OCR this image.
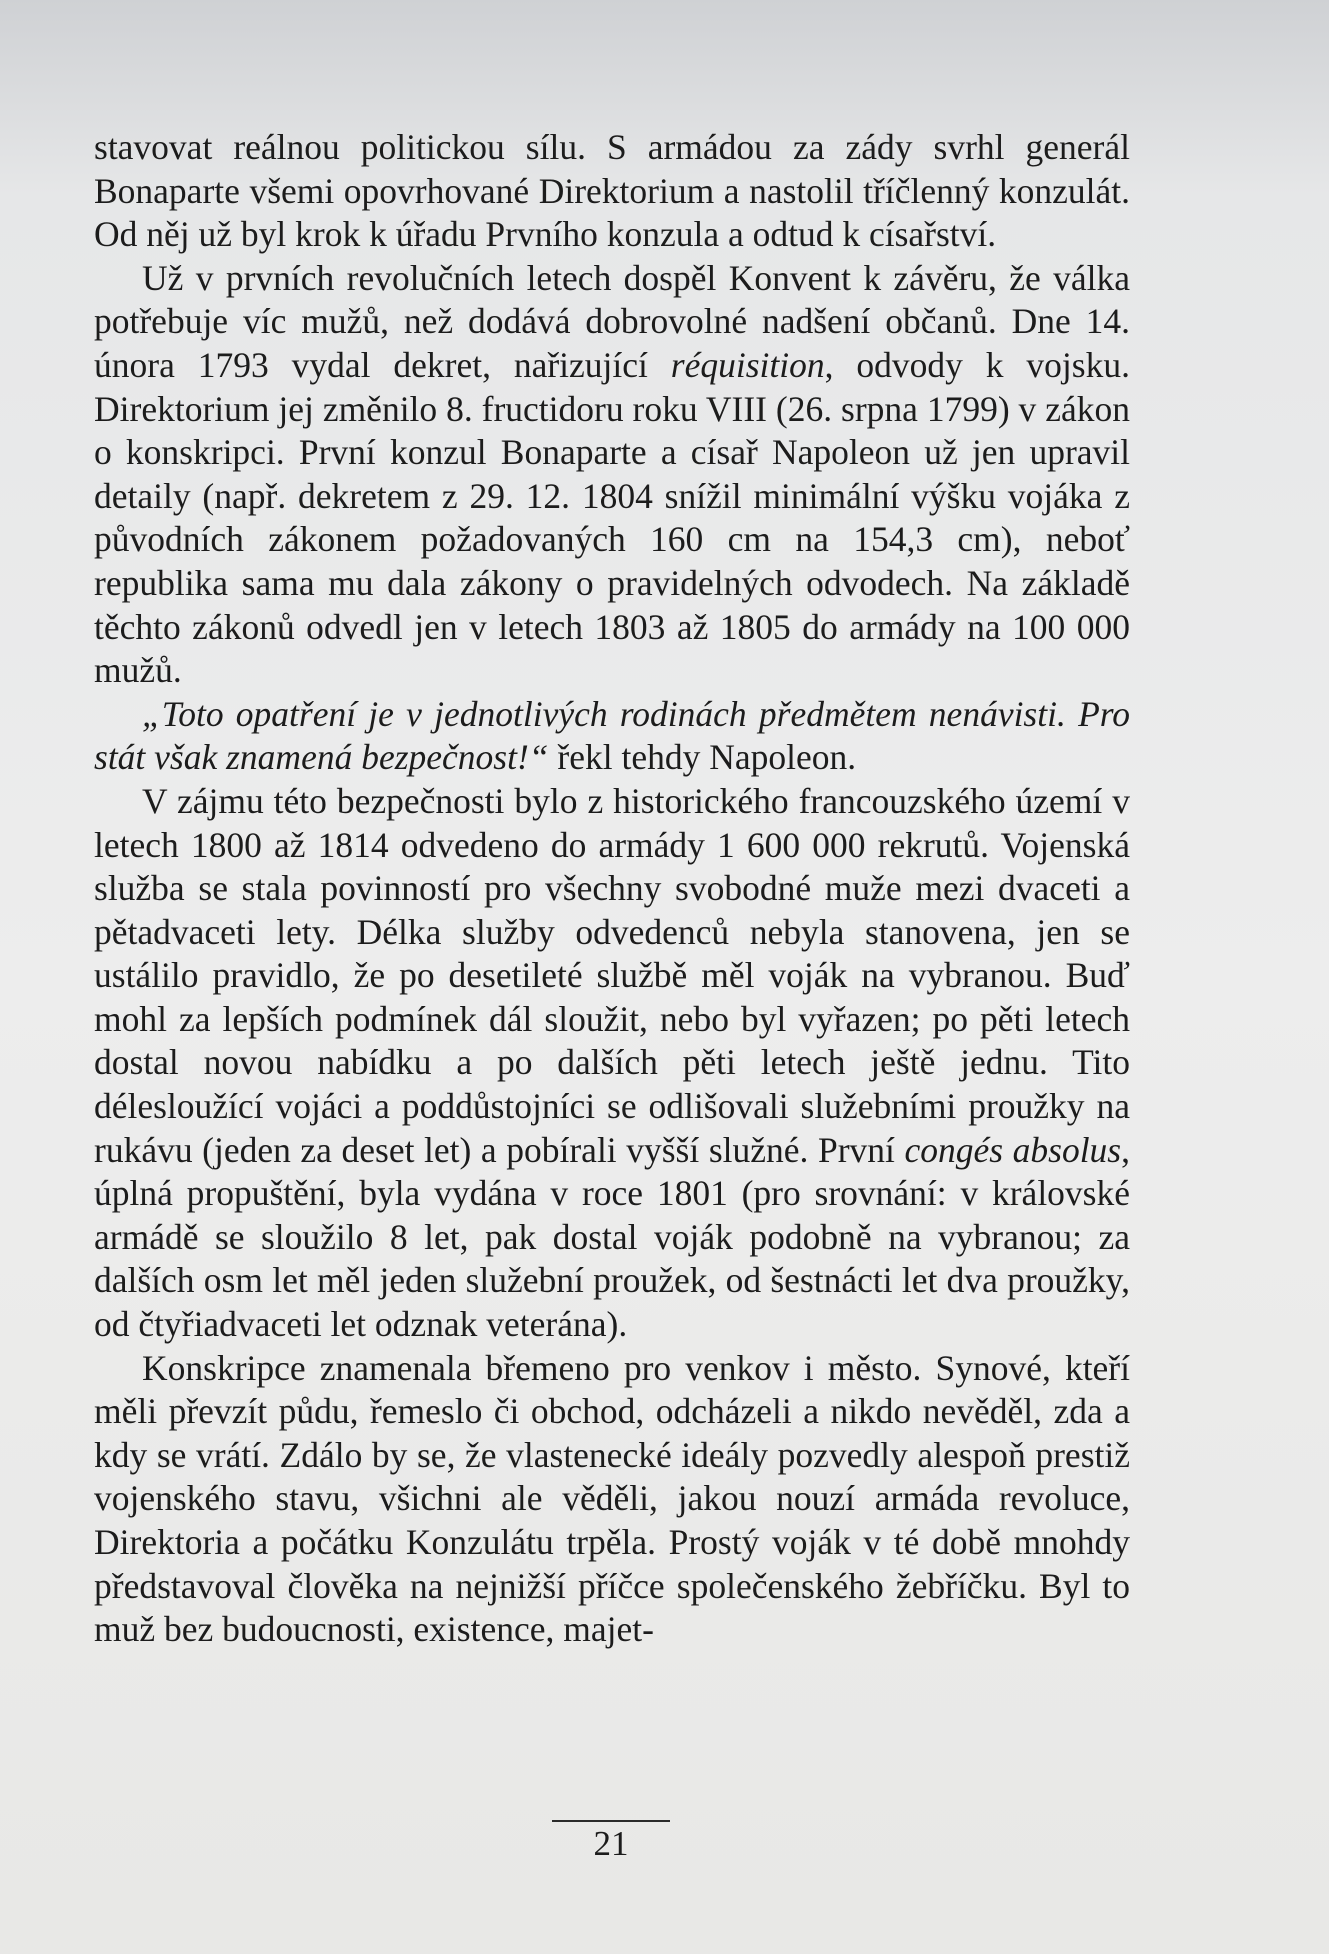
stavovat reálnou politickou sílu. S armádou za zády svrhl generál Bonaparte všemi opovrhované Direktorium a nastolil tříčlenný konzulát. Od něj už byl krok k úřadu Prvního konzula a odtud k císařství.

Už v prvních revolučních letech dospěl Konvent k závěru, že válka potřebuje víc mužů, než dodává dobrovolné nadšení občanů. Dne 14. února 1793 vydal dekret, nařizující réquisition, odvody k vojsku. Direktorium jej změnilo 8. fructidoru roku VIII (26. srpna 1799) v zákon o konskripci. První konzul Bonaparte a císař Napoleon už jen upravil detaily (např. dekretem z 29. 12. 1804 snížil minimální výšku vojáka z původních zákonem požadovaných 160 cm na 154,3 cm), neboť republika sama mu dala zákony o pravidelných odvodech. Na základě těchto zákonů odvedl jen v letech 1803 až 1805 do armády na 100 000 mužů.

„Toto opatření je v jednotlivých rodinách předmětem nenávisti. Pro stát však znamená bezpečnost!“ řekl tehdy Napoleon.

V zájmu této bezpečnosti bylo z historického francouzského území v letech 1800 až 1814 odvedeno do armády 1 600 000 rekrutů. Vojenská služba se stala povinností pro všechny svobodné muže mezi dvaceti a pětadvaceti lety. Délka služby odvedenců nebyla stanovena, jen se ustálilo pravidlo, že po desetileté službě měl voják na vybranou. Buď mohl za lepších podmínek dál sloužit, nebo byl vyřazen; po pěti letech dostal novou nabídku a po dalších pěti letech ještě jednu. Tito délesloužící vojáci a poddůstojníci se odlišovali služebními proužky na rukávu (jeden za deset let) a pobírali vyšší služné. První congés absolus, úplná propuštění, byla vydána v roce 1801 (pro srovnání: v královské armádě se sloužilo 8 let, pak dostal voják podobně na vybranou; za dalších osm let měl jeden služební proužek, od šestnácti let dva proužky, od čtyřiadvaceti let odznak veterána).

Konskripce znamenala břemeno pro venkov i město. Synové, kteří měli převzít půdu, řemeslo či obchod, odcházeli a nikdo nevěděl, zda a kdy se vrátí. Zdálo by se, že vlastenecké ideály pozvedly alespoň prestiž vojenského stavu, všichni ale věděli, jakou nouzí armáda revoluce, Direktoria a počátku Konzulátu trpěla. Prostý voják v té době mnohdy představoval člověka na nejnižší příčce společenského žebříčku. Byl to muž bez budoucnosti, existence, majet-

21
